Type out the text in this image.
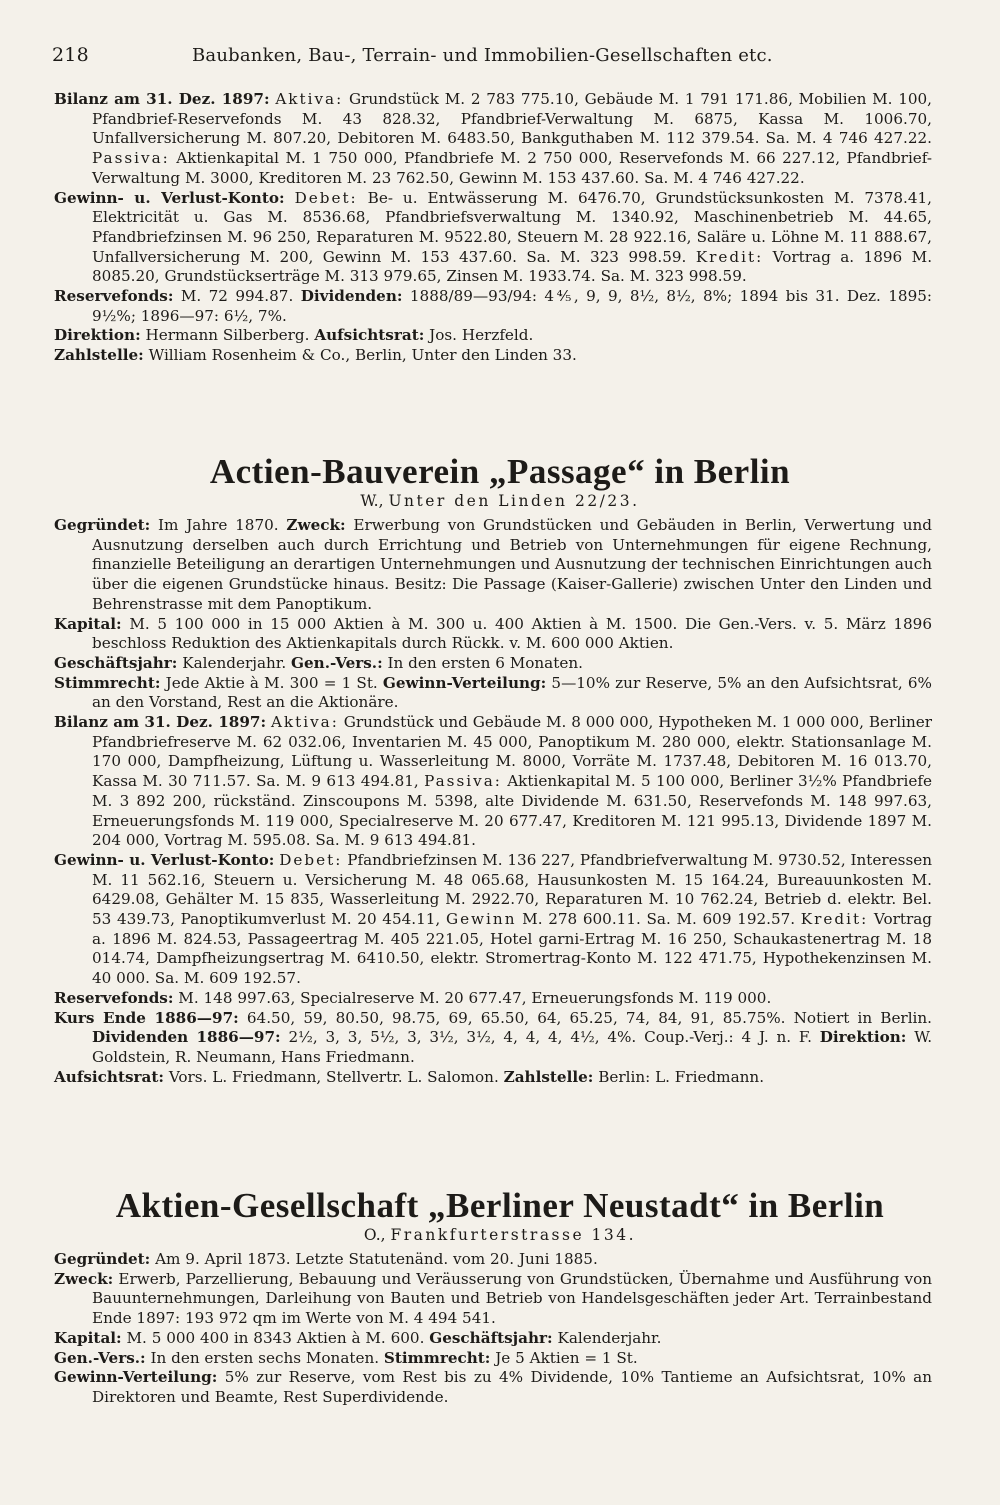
218	Baubanken, Bau-, Terrain- und Immobilien-Gesellschaften etc.

Bilanz am 31. Dez. 1897: Aktiva: Grundstück M. 2 783 775.10, Gebäude M. 1 791 171.86, Mobilien M. 100, Pfandbrief-Reservefonds M. 43 828.32, Pfandbrief-Verwaltung M. 6875, Kassa M. 1006.70, Unfallversicherung M. 807.20, Debitoren M. 6483.50, Bankguthaben M. 112 379.54. Sa. M. 4 746 427.22. Passiva: Aktienkapital M. 1 750 000, Pfandbriefe M. 2 750 000, Reservefonds M. 66 227.12, Pfandbrief-Verwaltung M. 3000, Kreditoren M. 23 762.50, Gewinn M. 153 437.60. Sa. M. 4 746 427.22.

Gewinn- u. Verlust-Konto: Debet: Be- u. Entwässerung M. 6476.70, Grundstücksunkosten M. 7378.41, Elektricität u. Gas M. 8536.68, Pfandbriefsverwaltung M. 1340.92, Maschinenbetrieb M. 44.65, Pfandbriefzinsen M. 96 250, Reparaturen M. 9522.80, Steuern M. 28 922.16, Saläre u. Löhne M. 11 888.67, Unfallversicherung M. 200, Gewinn M. 153 437.60. Sa. M. 323 998.59. Kredit: Vortrag a. 1896 M. 8085.20, Grundstückserträge M. 313 979.65, Zinsen M. 1933.74. Sa. M. 323 998.59.

Reservefonds: M. 72 994.87. Dividenden: 1888/89—93/94: 4⅘, 9, 9, 8½, 8½, 8%; 1894 bis 31. Dez. 1895: 9½%; 1896—97: 6½, 7%.

Direktion: Hermann Silberberg. Aufsichtsrat: Jos. Herzfeld.

Zahlstelle: William Rosenheim & Co., Berlin, Unter den Linden 33.

Actien-Bauverein „Passage“ in Berlin
W., Unter den Linden 22/23.

Gegründet: Im Jahre 1870. Zweck: Erwerbung von Grundstücken und Gebäuden in Berlin, Verwertung und Ausnutzung derselben auch durch Errichtung und Betrieb von Unternehmungen für eigene Rechnung, finanzielle Beteiligung an derartigen Unternehmungen und Ausnutzung der technischen Einrichtungen auch über die eigenen Grundstücke hinaus. Besitz: Die Passage (Kaiser-Gallerie) zwischen Unter den Linden und Behrenstrasse mit dem Panoptikum.

Kapital: M. 5 100 000 in 15 000 Aktien à M. 300 u. 400 Aktien à M. 1500. Die Gen.-Vers. v. 5. März 1896 beschloss Reduktion des Aktienkapitals durch Rückk. v. M. 600 000 Aktien.

Geschäftsjahr: Kalenderjahr. Gen.-Vers.: In den ersten 6 Monaten.

Stimmrecht: Jede Aktie à M. 300 = 1 St. Gewinn-Verteilung: 5—10% zur Reserve, 5% an den Aufsichtsrat, 6% an den Vorstand, Rest an die Aktionäre.

Bilanz am 31. Dez. 1897: Aktiva: Grundstück und Gebäude M. 8 000 000, Hypotheken M. 1 000 000, Berliner Pfandbriefreserve M. 62 032.06, Inventarien M. 45 000, Panoptikum M. 280 000, elektr. Stationsanlage M. 170 000, Dampfheizung, Lüftung u. Wasserleitung M. 8000, Vorräte M. 1737.48, Debitoren M. 16 013.70, Kassa M. 30 711.57. Sa. M. 9 613 494.81, Passiva: Aktienkapital M. 5 100 000, Berliner 3½% Pfandbriefe M. 3 892 200, rückständ. Zinscoupons M. 5398, alte Dividende M. 631.50, Reservefonds M. 148 997.63, Erneuerungsfonds M. 119 000, Specialreserve M. 20 677.47, Kreditoren M. 121 995.13, Dividende 1897 M. 204 000, Vortrag M. 595.08. Sa. M. 9 613 494.81.

Gewinn- u. Verlust-Konto: Debet: Pfandbriefzinsen M. 136 227, Pfandbriefverwaltung M. 9730.52, Interessen M. 11 562.16, Steuern u. Versicherung M. 48 065.68, Hausunkosten M. 15 164.24, Bureauunkosten M. 6429.08, Gehälter M. 15 835, Wasserleitung M. 2922.70, Reparaturen M. 10 762.24, Betrieb d. elektr. Bel. 53 439.73, Panoptikumverlust M. 20 454.11, Gewinn M. 278 600.11. Sa. M. 609 192.57. Kredit: Vortrag a. 1896 M. 824.53, Passageertrag M. 405 221.05, Hotel garni-Ertrag M. 16 250, Schaukastenertrag M. 18 014.74, Dampfheizungsertrag M. 6410.50, elektr. Stromertrag-Konto M. 122 471.75, Hypothekenzinsen M. 40 000. Sa. M. 609 192.57.

Reservefonds: M. 148 997.63, Specialreserve M. 20 677.47, Erneuerungsfonds M. 119 000.

Kurs Ende 1886—97: 64.50, 59, 80.50, 98.75, 69, 65.50, 64, 65.25, 74, 84, 91, 85.75%. Notiert in Berlin. Dividenden 1886—97: 2½, 3, 3, 5½, 3, 3½, 3½, 4, 4, 4, 4½, 4%. Coup.-Verj.: 4 J. n. F. Direktion: W. Goldstein, R. Neumann, Hans Friedmann.

Aufsichtsrat: Vors. L. Friedmann, Stellvertr. L. Salomon. Zahlstelle: Berlin: L. Friedmann.

Aktien-Gesellschaft „Berliner Neustadt“ in Berlin
O., Frankfurterstrasse 134.

Gegründet: Am 9. April 1873. Letzte Statutenänd. vom 20. Juni 1885.

Zweck: Erwerb, Parzellierung, Bebauung und Veräusserung von Grundstücken, Übernahme und Ausführung von Bauunternehmungen, Darleihung von Bauten und Betrieb von Handelsgeschäften jeder Art. Terrainbestand Ende 1897: 193 972 qm im Werte von M. 4 494 541.

Kapital: M. 5 000 400 in 8343 Aktien à M. 600. Geschäftsjahr: Kalenderjahr.

Gen.-Vers.: In den ersten sechs Monaten. Stimmrecht: Je 5 Aktien = 1 St.

Gewinn-Verteilung: 5% zur Reserve, vom Rest bis zu 4% Dividende, 10% Tantieme an Aufsichtsrat, 10% an Direktoren und Beamte, Rest Superdividende.
